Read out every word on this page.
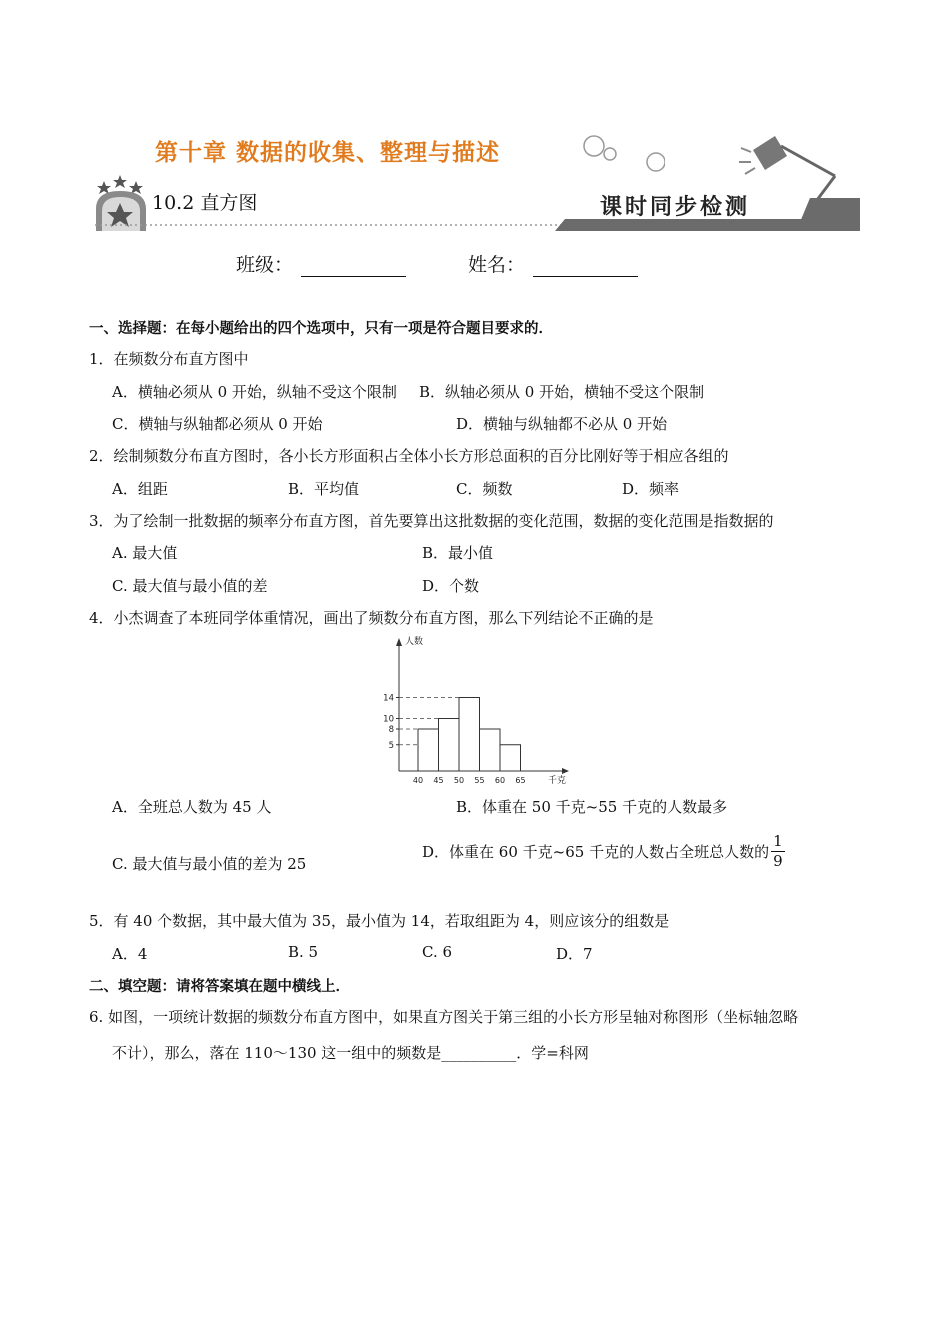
第十章 数据的收集、整理与描述
10.2 直方图	课时同步检测
班级：	姓名：
一、选择题：在每小题给出的四个选项中，只有一项是符合题目要求的．
1．在频数分布直方图中
A．横轴必须从 0 开始，纵轴不受这个限制 B．纵轴必须从 0 开始，横轴不受这个限制
C．横轴与纵轴都必须从 0 开始	D．横轴与纵轴都不必从 0 开始
2．绘制频数分布直方图时，各小长方形面积占全体小长方形总面积的百分比刚好等于相应各组的
A．组距	B．平均值	C．频数	D．频率
3．为了绘制一批数据的频率分布直方图，首先要算出这批数据的变化范围，数据的变化范围是指数据的
A. 最大值	B．最小值
C. 最大值与最小值的差	D．个数
4．小杰调查了本班同学体重情况，画出了频数分布直方图，那么下列结论不正确的是
人数
千克
5
8
10
14
40 45 50 55 60 65
A．全班总人数为 45 人	B．体重在 50 千克~55 千克的人数最多
C. 最大值与最小值的差为 25
D．体重在 60 千克~65 千克的人数占全班总人数的 $\frac{1}{9}$
5．有 40 个数据，其中最大值为 35，最小值为 14，若取组距为 4，则应该分的组数是
A．4	B. 5	C. 6	D．7
二、填空题：请将答案填在题中横线上．
6. 如图，一项统计数据的频数分布直方图中，如果直方图关于第三组的小长方形呈轴对称图形（坐标轴忽略
不计），那么，落在 110～130 这一组中的频数是__________．学=科网
